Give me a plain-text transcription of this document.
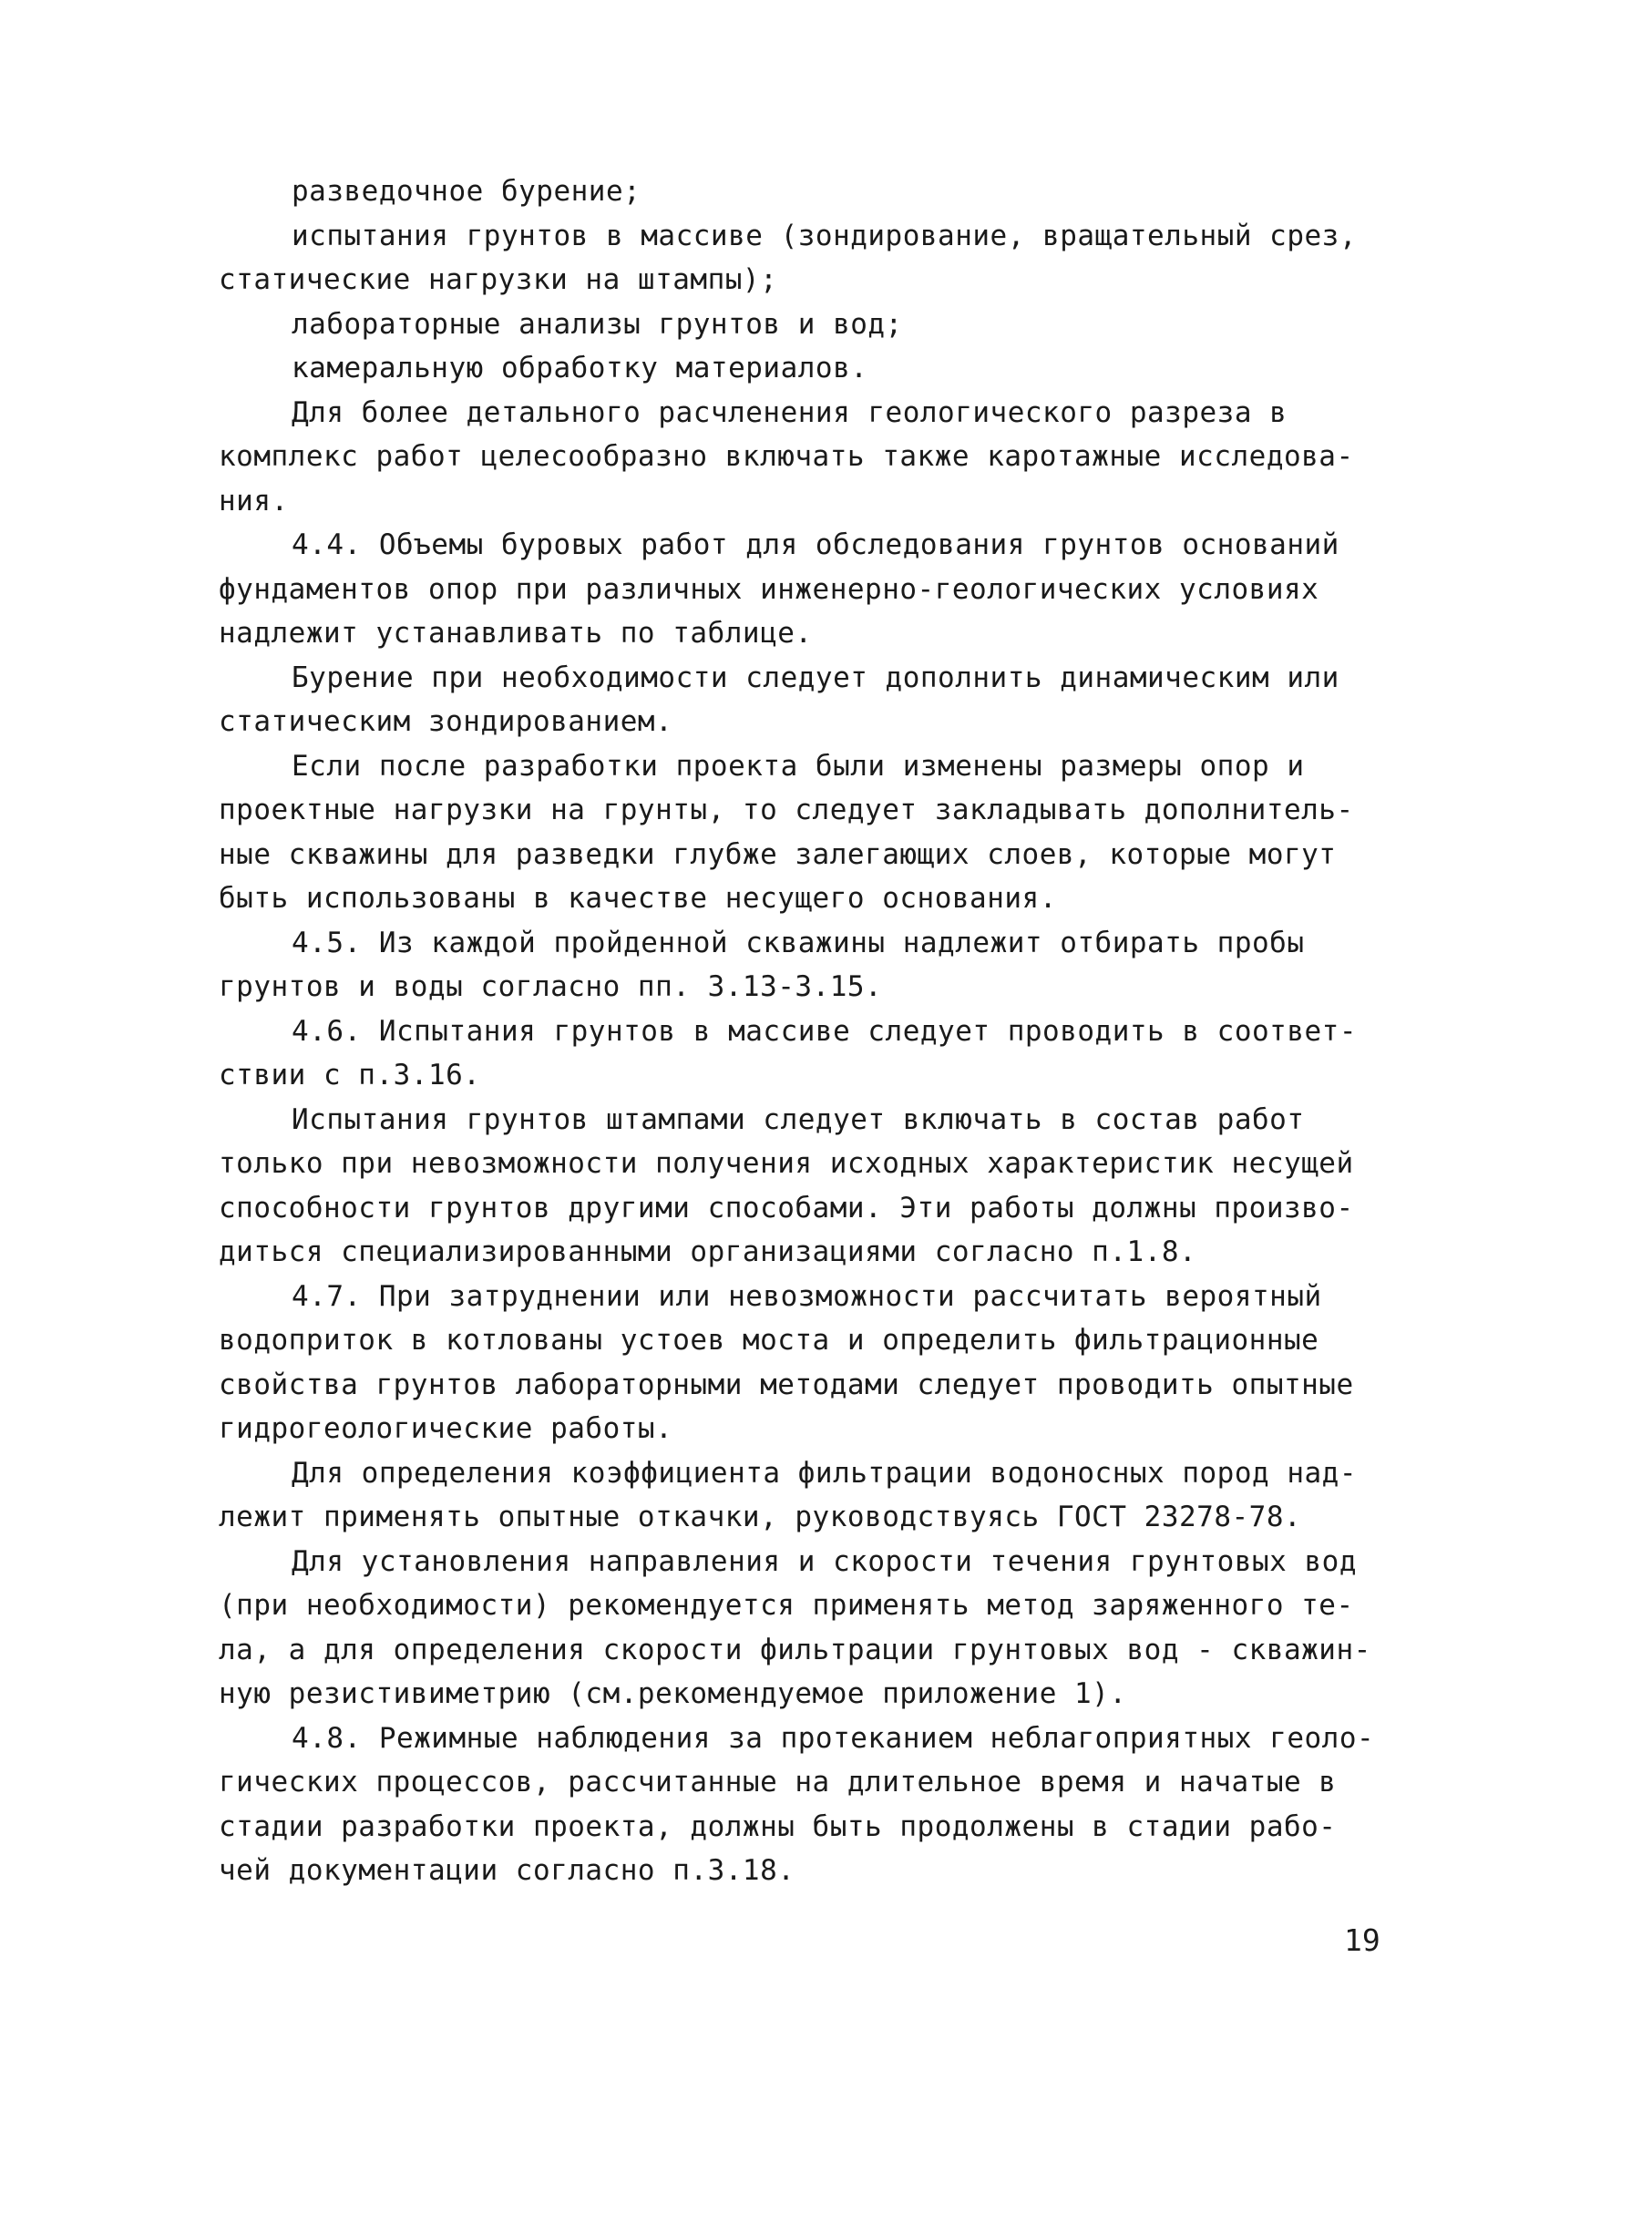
разведочное бурение;
испытания грунтов в массиве (зондирование, вращательный срез,
статические нагрузки на штампы);
лабораторные анализы грунтов и вод;
камеральную обработку материалов.
Для более детального расчленения геологического разреза в
комплекс работ целесообразно включать также каротажные исследова-
ния.
4.4. Объемы буровых работ для обследования грунтов оснований
фундаментов опор при различных инженерно-геологических условиях
надлежит устанавливать по таблице.
Бурение при необходимости следует дополнить динамическим или
статическим зондированием.
Если после разработки проекта были изменены размеры опор и
проектные нагрузки на грунты, то следует закладывать дополнитель-
ные скважины для разведки глубже залегающих слоев, которые могут
быть использованы в качестве несущего основания.
4.5. Из каждой пройденной скважины надлежит отбирать пробы
грунтов и воды согласно пп. 3.13-3.15.
4.6. Испытания грунтов в массиве следует проводить в соответ-
ствии с п.3.16.
Испытания грунтов штампами следует включать в состав работ
только при невозможности получения исходных характеристик несущей
способности грунтов другими способами. Эти работы должны произво-
диться специализированными организациями согласно п.1.8.
4.7. При затруднении или невозможности рассчитать вероятный
водоприток в котлованы устоев моста и определить фильтрационные
свойства грунтов лабораторными методами следует проводить опытные
гидрогеологические работы.
Для определения коэффициента фильтрации водоносных пород над-
лежит применять опытные откачки, руководствуясь ГОСТ 23278-78.
Для установления направления и скорости течения грунтовых вод
(при необходимости) рекомендуется применять метод заряженного те-
ла, а для определения скорости фильтрации грунтовых вод - скважин-
ную резистивиметрию (см.рекомендуемое приложение 1).
4.8. Режимные наблюдения за протеканием неблагоприятных геоло-
гических процессов, рассчитанные на длительное время и начатые в
стадии разработки проекта, должны быть продолжены в стадии рабо-
чей документации согласно п.3.18.
19
